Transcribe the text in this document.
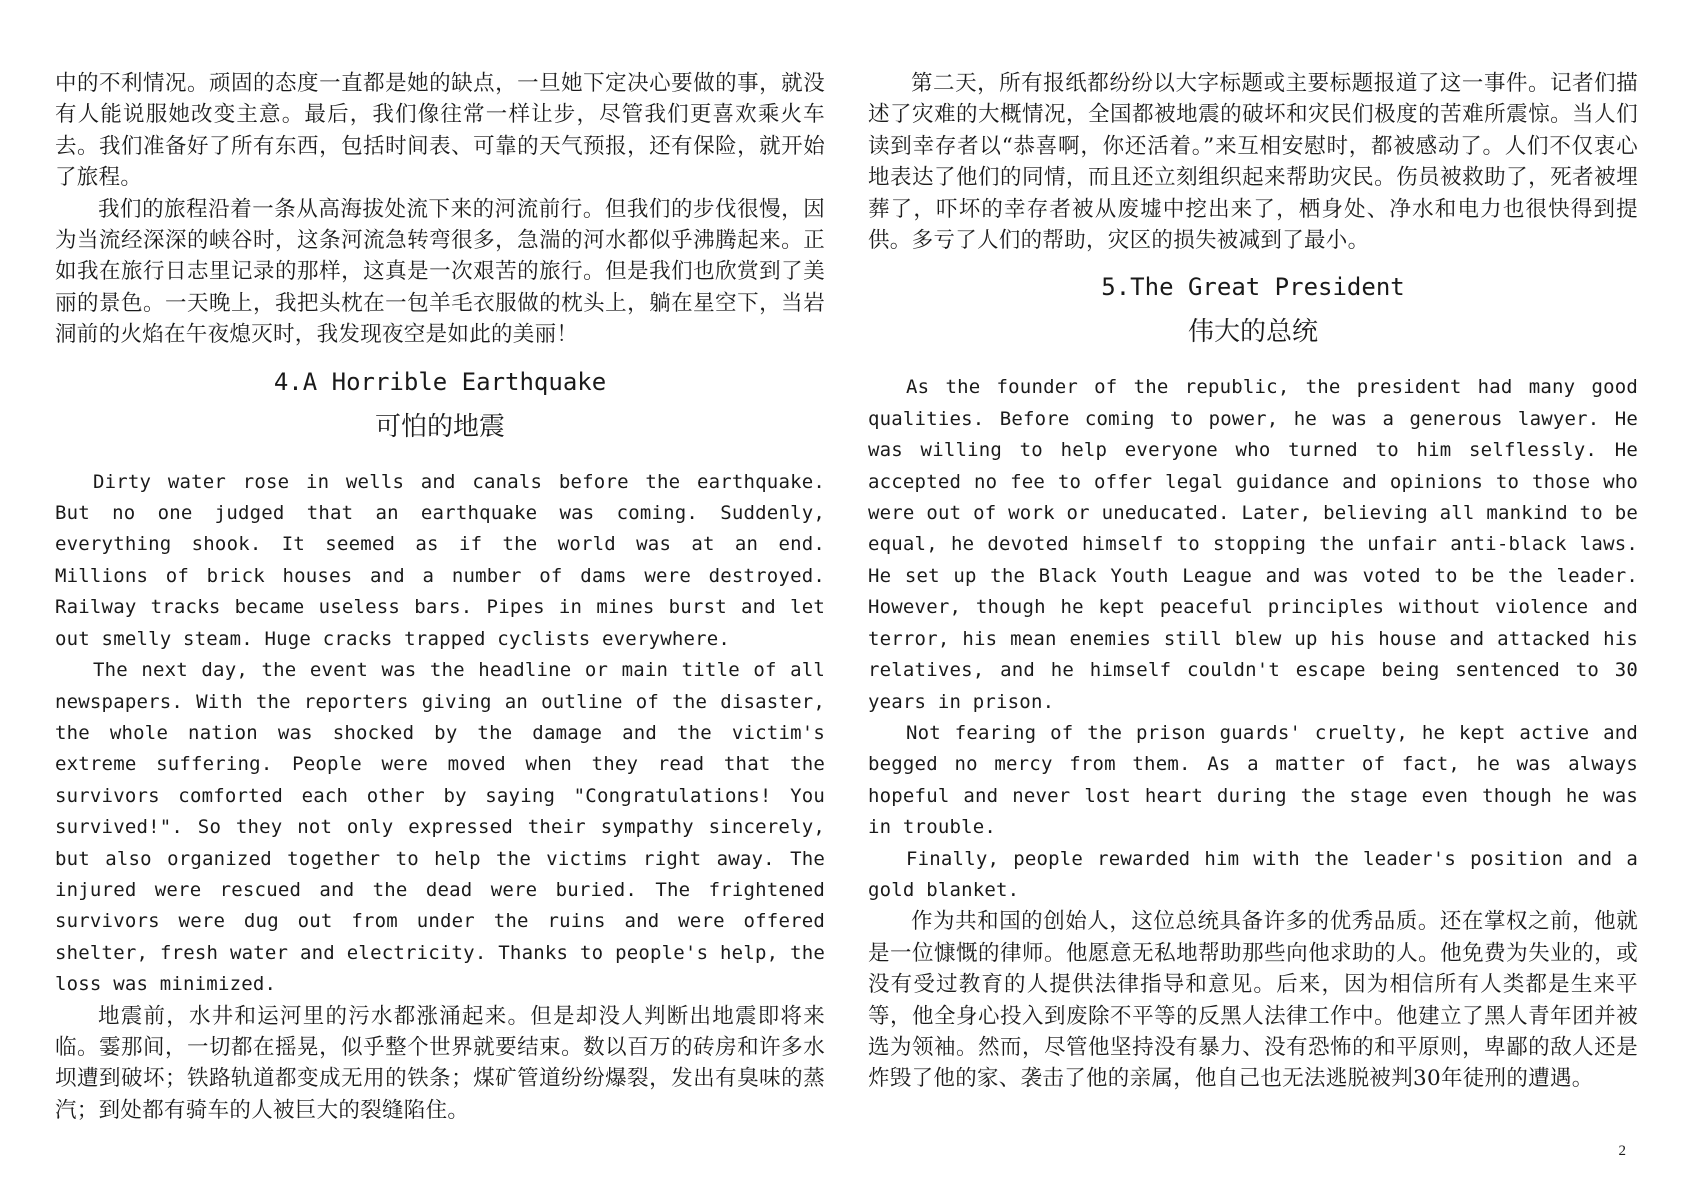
中的不利情况。顽固的态度一直都是她的缺点，一旦她下定决心要做的事，就没有人能说服她改变主意。最后，我们像往常一样让步，尽管我们更喜欢乘火车去。我们准备好了所有东西，包括时间表、可靠的天气预报，还有保险，就开始了旅程。

我们的旅程沿着一条从高海拔处流下来的河流前行。但我们的步伐很慢，因为当流经深深的峡谷时，这条河流急转弯很多，急湍的河水都似乎沸腾起来。正如我在旅行日志里记录的那样，这真是一次艰苦的旅行。但是我们也欣赏到了美丽的景色。一天晚上，我把头枕在一包羊毛衣服做的枕头上，躺在星空下，当岩洞前的火焰在午夜熄灭时，我发现夜空是如此的美丽！

4.A Horrible Earthquake
可怕的地震

Dirty water rose in wells and canals before the earthquake. But no one judged that an earthquake was coming. Suddenly, everything shook. It seemed as if the world was at an end. Millions of brick houses and a number of dams were destroyed. Railway tracks became useless bars. Pipes in mines burst and let out smelly steam. Huge cracks trapped cyclists everywhere.

The next day, the event was the headline or main title of all newspapers. With the reporters giving an outline of the disaster, the whole nation was shocked by the damage and the victim's extreme suffering. People were moved when they read that the survivors comforted each other by saying "Congratulations! You survived!". So they not only expressed their sympathy sincerely, but also organized together to help the victims right away. The injured were rescued and the dead were buried. The frightened survivors were dug out from under the ruins and were offered shelter, fresh water and electricity. Thanks to people's help, the loss was minimized.

地震前，水井和运河里的污水都涨涌起来。但是却没人判断出地震即将来临。霎那间，一切都在摇晃，似乎整个世界就要结束。数以百万的砖房和许多水坝遭到破坏；铁路轨道都变成无用的铁条；煤矿管道纷纷爆裂，发出有臭味的蒸汽；到处都有骑车的人被巨大的裂缝陷住。

第二天，所有报纸都纷纷以大字标题或主要标题报道了这一事件。记者们描述了灾难的大概情况，全国都被地震的破坏和灾民们极度的苦难所震惊。当人们读到幸存者以“恭喜啊，你还活着。”来互相安慰时，都被感动了。人们不仅衷心地表达了他们的同情，而且还立刻组织起来帮助灾民。伤员被救助了，死者被埋葬了，吓坏的幸存者被从废墟中挖出来了，栖身处、净水和电力也很快得到提供。多亏了人们的帮助，灾区的损失被减到了最小。

5.The Great President
伟大的总统

As the founder of the republic, the president had many good qualities. Before coming to power, he was a generous lawyer. He was willing to help everyone who turned to him selflessly. He accepted no fee to offer legal guidance and opinions to those who were out of work or uneducated. Later, believing all mankind to be equal, he devoted himself to stopping the unfair anti-black laws. He set up the Black Youth League and was voted to be the leader. However, though he kept peaceful principles without violence and terror, his mean enemies still blew up his house and attacked his relatives, and he himself couldn't escape being sentenced to 30 years in prison.

Not fearing of the prison guards' cruelty, he kept active and begged no mercy from them. As a matter of fact, he was always hopeful and never lost heart during the stage even though he was in trouble.

Finally, people rewarded him with the leader's position and a gold blanket.

作为共和国的创始人，这位总统具备许多的优秀品质。还在掌权之前，他就是一位慷慨的律师。他愿意无私地帮助那些向他求助的人。他免费为失业的，或没有受过教育的人提供法律指导和意见。后来，因为相信所有人类都是生来平等，他全身心投入到废除不平等的反黑人法律工作中。他建立了黑人青年团并被选为领袖。然而，尽管他坚持没有暴力、没有恐怖的和平原则，卑鄙的敌人还是炸毁了他的家、袭击了他的亲属，他自己也无法逃脱被判30年徒刑的遭遇。

2
